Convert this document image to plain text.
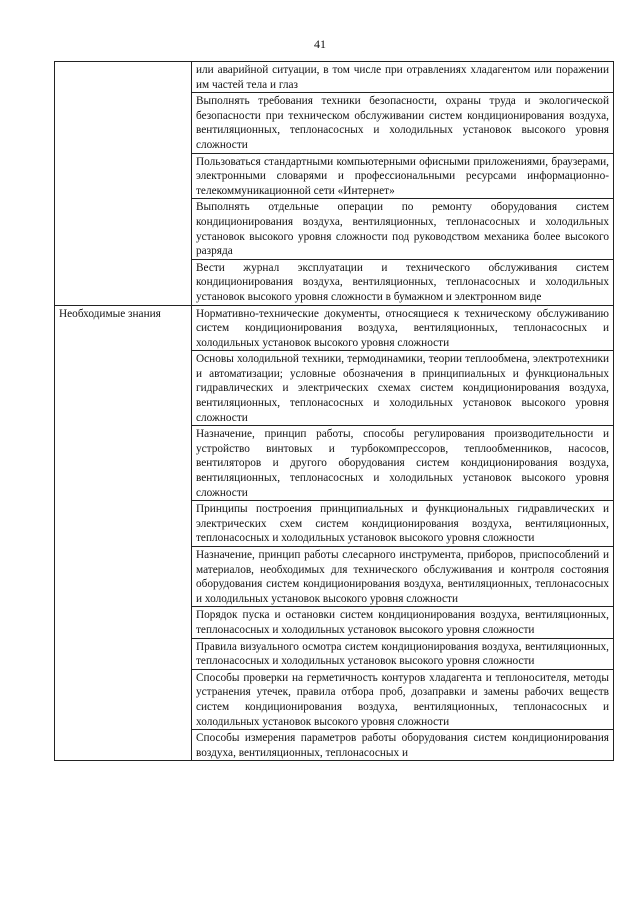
41

	или аварийной ситуации, в том числе при отравлениях хладагентом или поражении им частей тела и глаз

	Выполнять требования техники безопасности, охраны труда и экологической безопасности при техническом обслуживании систем кондиционирования воздуха, вентиляционных, теплонасосных и холодильных установок высокого уровня сложности

	Пользоваться стандартными компьютерными офисными приложениями, браузерами, электронными словарями и профессиональными ресурсами информационно-телекоммуникационной сети «Интернет»

	Выполнять отдельные операции по ремонту оборудования систем кондиционирования воздуха, вентиляционных, теплонасосных и холодильных установок высокого уровня сложности под руководством механика более высокого разряда

	Вести журнал эксплуатации и технического обслуживания систем кондиционирования воздуха, вентиляционных, теплонасосных и холодильных установок высокого уровня сложности в бумажном и электронном виде

Необходимые знания	Нормативно-технические документы, относящиеся к техническому обслуживанию систем кондиционирования воздуха, вентиляционных, теплонасосных и холодильных установок высокого уровня сложности

	Основы холодильной техники, термодинамики, теории теплообмена, электротехники и автоматизации; условные обозначения в принципиальных и функциональных гидравлических и электрических схемах систем кондиционирования воздуха, вентиляционных, теплонасосных и холодильных установок высокого уровня сложности

	Назначение, принцип работы, способы регулирования производительности и устройство винтовых и турбокомпрессоров, теплообменников, насосов, вентиляторов и другого оборудования систем кондиционирования воздуха, вентиляционных, теплонасосных и холодильных установок высокого уровня сложности

	Принципы построения принципиальных и функциональных гидравлических и электрических схем систем кондиционирования воздуха, вентиляционных, теплонасосных и холодильных установок высокого уровня сложности

	Назначение, принцип работы слесарного инструмента, приборов, приспособлений и материалов, необходимых для технического обслуживания и контроля состояния оборудования систем кондиционирования воздуха, вентиляционных, теплонасосных и холодильных установок высокого уровня сложности

	Порядок пуска и остановки систем кондиционирования воздуха, вентиляционных, теплонасосных и холодильных установок высокого уровня сложности

	Правила визуального осмотра систем кондиционирования воздуха, вентиляционных, теплонасосных и холодильных установок высокого уровня сложности

	Способы проверки на герметичность контуров хладагента и теплоносителя, методы устранения утечек, правила отбора проб, дозаправки и замены рабочих веществ систем кондиционирования воздуха, вентиляционных, теплонасосных и холодильных установок высокого уровня сложности

	Способы измерения параметров работы оборудования систем кондиционирования воздуха, вентиляционных, теплонасосных и
